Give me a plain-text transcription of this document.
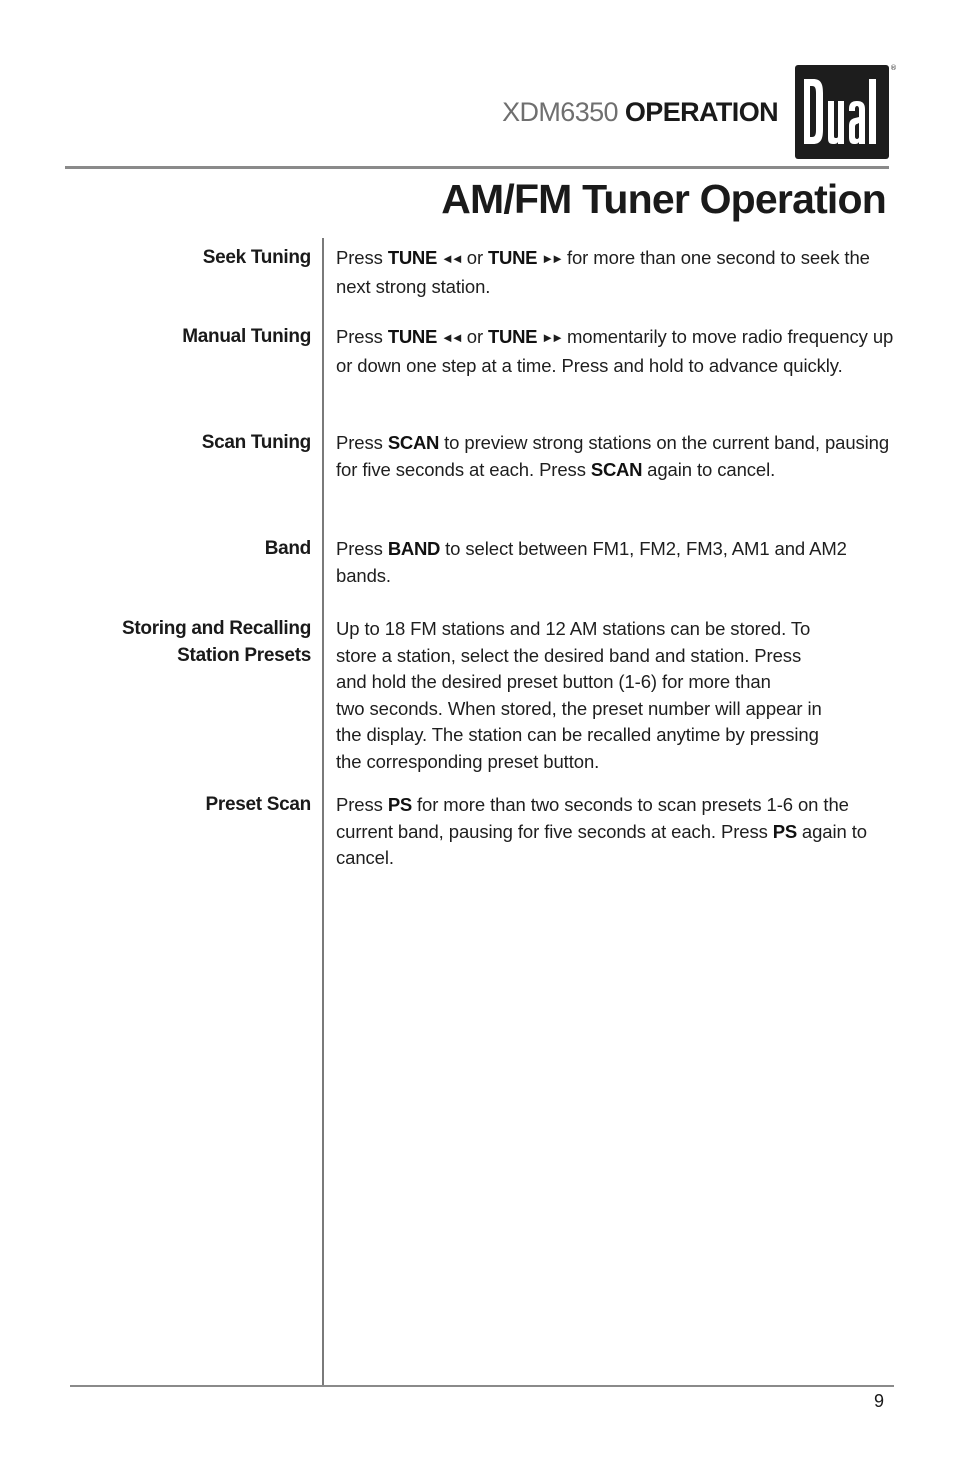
XDM6350 OPERATION
®
AM/FM Tuner Operation
Seek Tuning Press TUNE ◄◄ or TUNE ►► for more than one second to seek the next strong station.
Manual Tuning Press TUNE ◄◄ or TUNE ►► momentarily to move radio frequency up or down one step at a time. Press and hold to advance quickly.
Scan Tuning Press SCAN to preview strong stations on the current band, pausing for five seconds at each. Press SCAN again to cancel.
Band Press BAND to select between FM1, FM2, FM3, AM1 and AM2 bands.
Storing and Recalling
Station Presets
Up to 18 FM stations and 12 AM stations can be stored. To
store a station, select the desired band and station. Press
and hold the desired preset button (1-6) for more than
two seconds. When stored, the preset number will appear in
the display. The station can be recalled anytime by pressing
the corresponding preset button.
Preset Scan Press PS for more than two seconds to scan presets 1-6 on the current band, pausing for five seconds at each. Press PS again to cancel.
9
